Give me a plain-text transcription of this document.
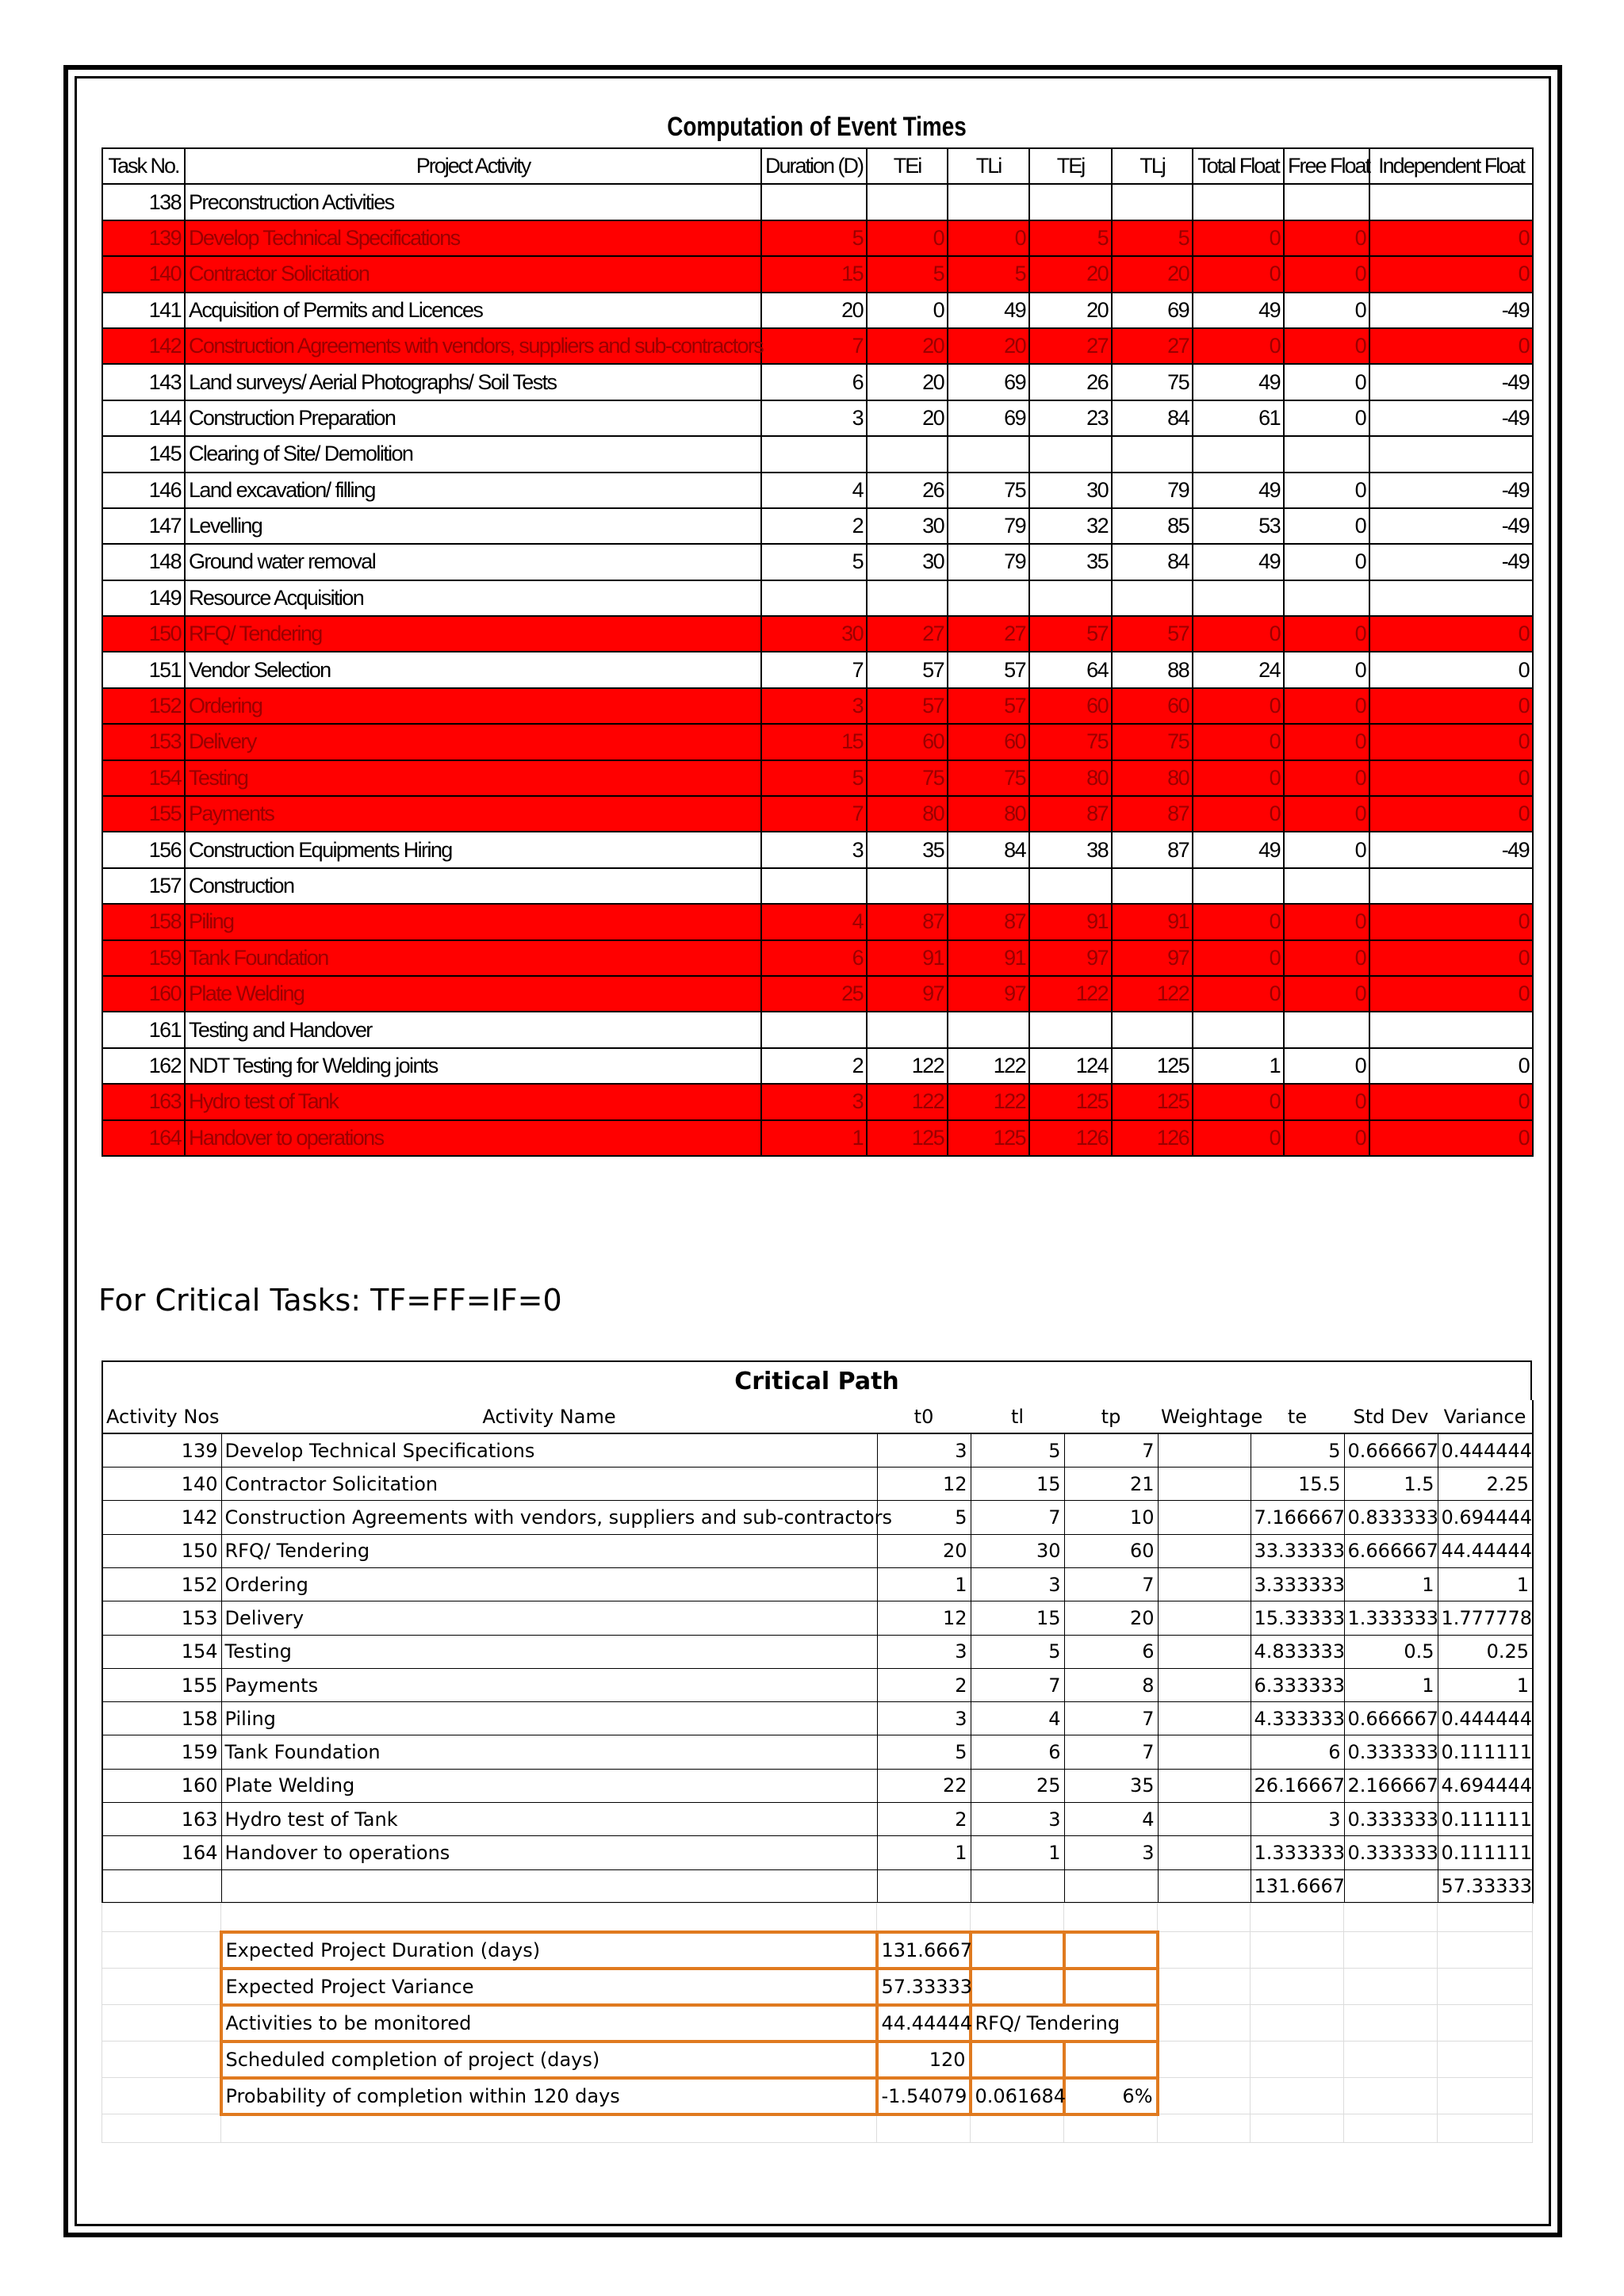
Computation of Event Times
Task No.	Project Activity	Duration (D)	TEi	TLi	TEj	TLj	Total Float	Free Float	Independent Float
138	Preconstruction Activities								
139	Develop Technical Specifications	5	0	0	5	5	0	0	0
140	Contractor Solicitation	15	5	5	20	20	0	0	0
141	Acquisition of Permits and Licences	20	0	49	20	69	49	0	-49
142	Construction Agreements with vendors, suppliers and sub-contractors	7	20	20	27	27	0	0	0
143	Land surveys/ Aerial Photographs/ Soil Tests	6	20	69	26	75	49	0	-49
144	Construction Preparation	3	20	69	23	84	61	0	-49
145	Clearing of Site/ Demolition								
146	Land excavation/ filling	4	26	75	30	79	49	0	-49
147	Levelling	2	30	79	32	85	53	0	-49
148	Ground water removal	5	30	79	35	84	49	0	-49
149	Resource Acquisition								
150	RFQ/ Tendering	30	27	27	57	57	0	0	0
151	Vendor Selection	7	57	57	64	88	24	0	0
152	Ordering	3	57	57	60	60	0	0	0
153	Delivery	15	60	60	75	75	0	0	0
154	Testing	5	75	75	80	80	0	0	0
155	Payments	7	80	80	87	87	0	0	0
156	Construction Equipments Hiring	3	35	84	38	87	49	0	-49
157	Construction								
158	Piling	4	87	87	91	91	0	0	0
159	Tank Foundation	6	91	91	97	97	0	0	0
160	Plate Welding	25	97	97	122	122	0	0	0
161	Testing and Handover								
162	NDT Testing for Welding joints	2	122	122	124	125	1	0	0
163	Hydro test of Tank	3	122	122	125	125	0	0	0
164	Handover to operations	1	125	125	126	126	0	0	0
For Critical Tasks: TF=FF=IF=0
Critical Path
Activity Nos	Activity Name	t0	tl	tp	Weightage	te	Std Dev	Variance
139	Develop Technical Specifications	3	5	7		5	0.666667	0.444444
140	Contractor Solicitation	12	15	21		15.5	1.5	2.25
142	Construction Agreements with vendors, suppliers and sub-contractors	5	7	10		7.166667	0.833333	0.694444
150	RFQ/ Tendering	20	30	60		33.33333	6.666667	44.44444
152	Ordering	1	3	7		3.333333	1	1
153	Delivery	12	15	20		15.33333	1.333333	1.777778
154	Testing	3	5	6		4.833333	0.5	0.25
155	Payments	2	7	8		6.333333	1	1
158	Piling	3	4	7		4.333333	0.666667	0.444444
159	Tank Foundation	5	6	7		6	0.333333	0.111111
160	Plate Welding	22	25	35		26.16667	2.166667	4.694444
163	Hydro test of Tank	2	3	4		3	0.333333	0.111111
164	Handover to operations	1	1	3		1.333333	0.333333	0.111111
						131.6667		57.33333

	Expected Project Duration (days)	131.6667						
	Expected Project Variance	57.33333						
	Activities to be monitored	44.44444	RFQ/ Tendering					
	Scheduled completion of project (days)	120						
	Probability of completion within 120 days	-1.54079	0.061684	6%				
